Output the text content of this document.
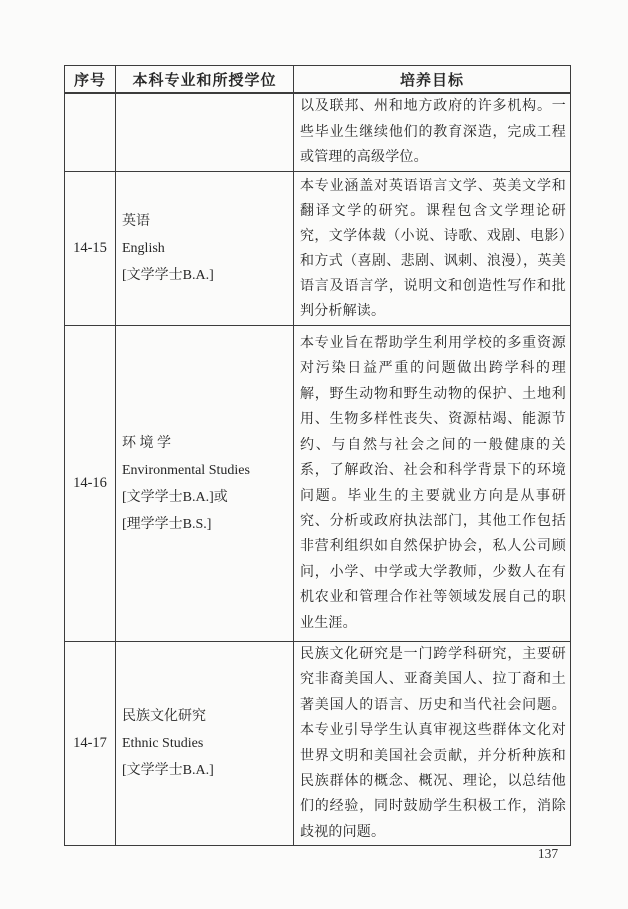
序号	本科专业和所授学位	培养目标

		以及联邦、州和地方政府的许多机构。一些毕业生继续他们的教育深造，完成工程或管理的高级学位。

14-15	英语
English
[文学学士B.A.]	本专业涵盖对英语语言文学、英美文学和翻译文学的研究。课程包含文学理论研究，文学体裁（小说、诗歌、戏剧、电影）和方式（喜剧、悲剧、讽刺、浪漫），英美语言及语言学，说明文和创造性写作和批判分析解读。

14-16	环 境 学
Environmental Studies
[文学学士B.A.]或
[理学学士B.S.]	本专业旨在帮助学生利用学校的多重资源对污染日益严重的问题做出跨学科的理解，野生动物和野生动物的保护、土地利用、生物多样性丧失、资源枯竭、能源节约、与自然与社会之间的一般健康的关系，了解政治、社会和科学背景下的环境问题。毕业生的主要就业方向是从事研究、分析或政府执法部门，其他工作包括非营利组织如自然保护协会，私人公司顾问，小学、中学或大学教师，少数人在有机农业和管理合作社等领域发展自己的职业生涯。

14-17	民族文化研究
Ethnic Studies
[文学学士B.A.]	民族文化研究是一门跨学科研究，主要研究非裔美国人、亚裔美国人、拉丁裔和土著美国人的语言、历史和当代社会问题。本专业引导学生认真审视这些群体文化对世界文明和美国社会贡献，并分析种族和民族群体的概念、概况、理论，以总结他们的经验，同时鼓励学生积极工作，消除歧视的问题。
137
